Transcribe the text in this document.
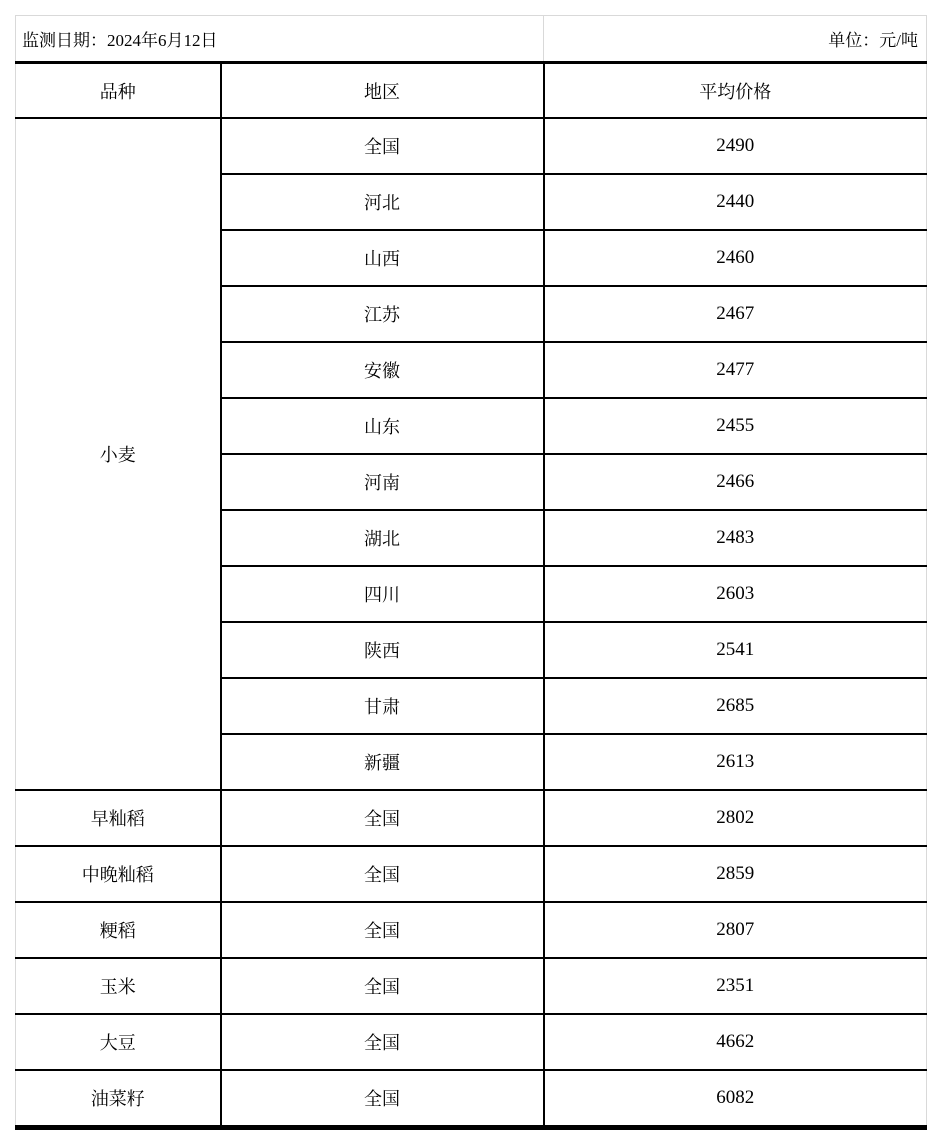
监测日期：2024年6月12日		单位：元/吨
品种	地区	平均价格
小麦	全国	2490
	河北	2440
	山西	2460
	江苏	2467
	安徽	2477
	山东	2455
	河南	2466
	湖北	2483
	四川	2603
	陕西	2541
	甘肃	2685
	新疆	2613
早籼稻	全国	2802
中晚籼稻	全国	2859
粳稻	全国	2807
玉米	全国	2351
大豆	全国	4662
油菜籽	全国	6082
